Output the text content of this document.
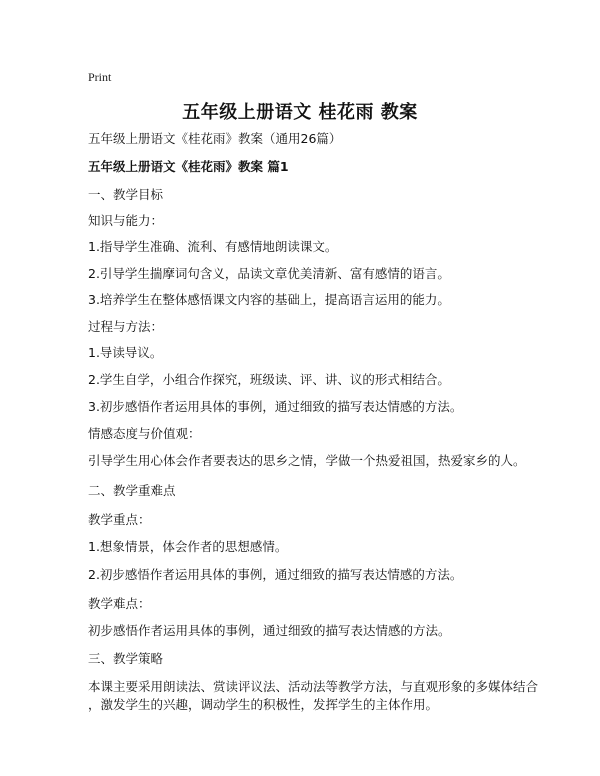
Print
五年级上册语文 桂花雨 教案
五年级上册语文《桂花雨》教案（通用26篇）
五年级上册语文《桂花雨》教案 篇1
一、教学目标
知识与能力：
1.指导学生准确、流利、有感情地朗读课文。
2.引导学生揣摩词句含义，品读文章优美清新、富有感情的语言。
3.培养学生在整体感悟课文内容的基础上，提高语言运用的能力。
过程与方法：
1.导读导议。
2.学生自学，小组合作探究，班级读、评、讲、议的形式相结合。
3.初步感悟作者运用具体的事例，通过细致的描写表达情感的方法。
情感态度与价值观：
引导学生用心体会作者要表达的思乡之情，学做一个热爱祖国，热爱家乡的人。
二、教学重难点
教学重点：
1.想象情景，体会作者的思想感情。
2.初步感悟作者运用具体的事例，通过细致的描写表达情感的方法。
教学难点：
初步感悟作者运用具体的事例，通过细致的描写表达情感的方法。
三、教学策略
本课主要采用朗读法、赏读评议法、活动法等教学方法，与直观形象的多媒体结合
，激发学生的兴趣，调动学生的积极性，发挥学生的主体作用。
